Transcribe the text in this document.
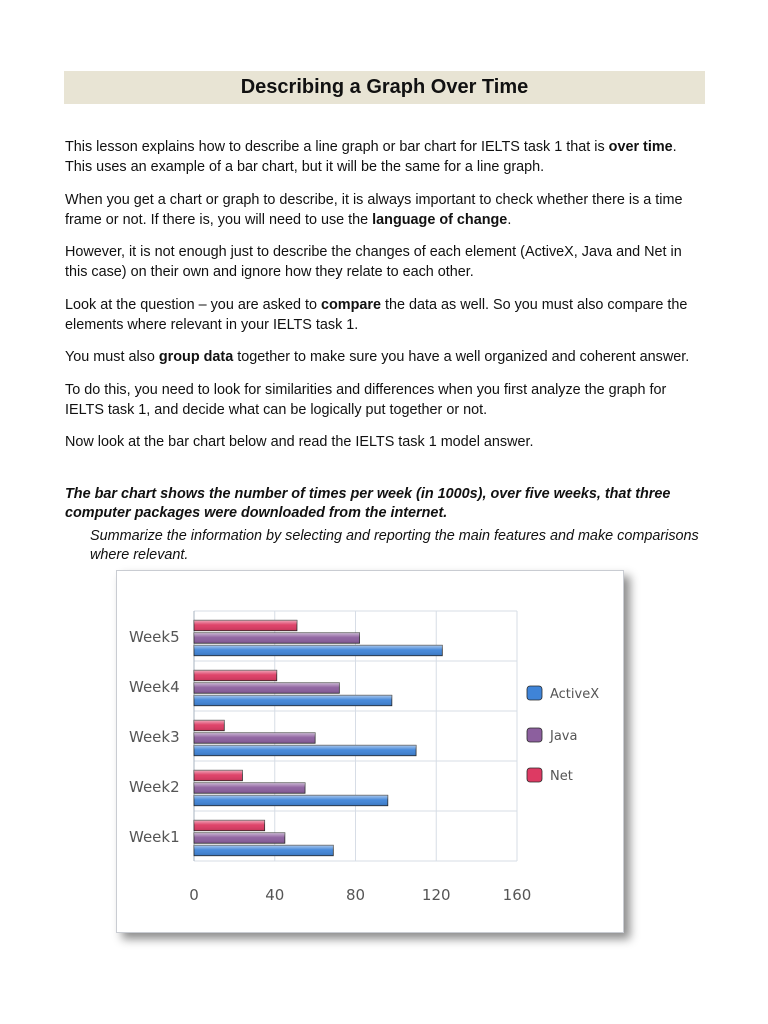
Describing a Graph Over Time

This lesson explains how to describe a line graph or bar chart for IELTS task 1 that is over time. This uses an example of a bar chart, but it will be the same for a line graph.

When you get a chart or graph to describe, it is always important to check whether there is a time frame or not. If there is, you will need to use the language of change.

However, it is not enough just to describe the changes of each element (ActiveX, Java and Net in this case) on their own and ignore how they relate to each other.

Look at the question – you are asked to compare the data as well. So you must also compare the elements where relevant in your IELTS task 1.

You must also group data together to make sure you have a well organized and coherent answer.

To do this, you need to look for similarities and differences when you first analyze the graph for IELTS task 1, and decide what can be logically put together or not.

Now look at the bar chart below and read the IELTS task 1 model answer.

The bar chart shows the number of times per week (in 1000s), over five weeks, that three computer packages were downloaded from the internet.
Summarize the information by selecting and reporting the main features and make comparisons where relevant.
0	40	80	120	160
Week5
Week4
Week3
Week2
Week1
ActiveX
Java
Net
